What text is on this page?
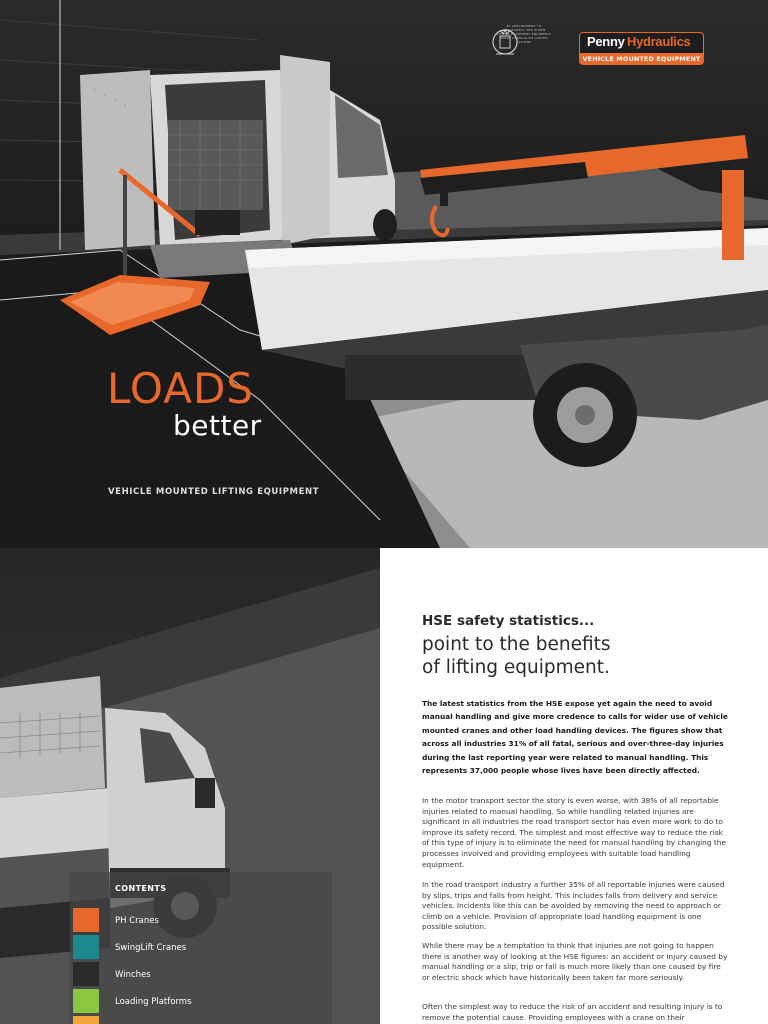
BY APPOINTMENT TO
HER MAJESTY THE QUEEN
LIFTING EQUIPMENT ENGINEERS
PENNY HYDRAULICS LIMITED
CLOWNE	Penny Hydraulics
VEHICLE MOUNTED EQUIPMENT
LOADS
better
VEHICLE MOUNTED LIFTING EQUIPMENT
CONTENTS
PH Cranes
SwingLift Cranes
Winches
Loading Platforms
HSE safety statistics...
point to the benefits
of lifting equipment.
The latest statistics from the HSE expose yet again the need to avoid manual handling and give more credence to calls for wider use of vehicle mounted cranes and other load handling devices. The figures show that across all industries 31% of all fatal, serious and over-three-day injuries during the last reporting year were related to manual handling. This represents 37,000 people whose lives have been directly affected.
In the motor transport sector the story is even worse, with 38% of all reportable injuries related to manual handling. So while handling related injuries are significant in all industries the road transport sector has even more work to do to improve its safety record. The simplest and most effective way to reduce the risk of this type of injury is to eliminate the need for manual handling by changing the processes involved and providing employees with suitable load handling equipment.
In the road transport industry a further 35% of all reportable injuries were caused by slips, trips and falls from height. This includes falls from delivery and service vehicles. Incidents like this can be avoided by removing the need to approach or climb on a vehicle. Provision of appropriate load handling equipment is one possible solution.
While there may be a temptation to think that injuries are not going to happen there is another way of looking at the HSE figures: an accident or injury caused by manual handling or a slip, trip or fall is much more likely than one caused by fire or electric shock which have historically been taken far more seriously.
Often the simplest way to reduce the risk of an accident and resulting injury is to remove the potential cause. Providing employees with a crane on their
